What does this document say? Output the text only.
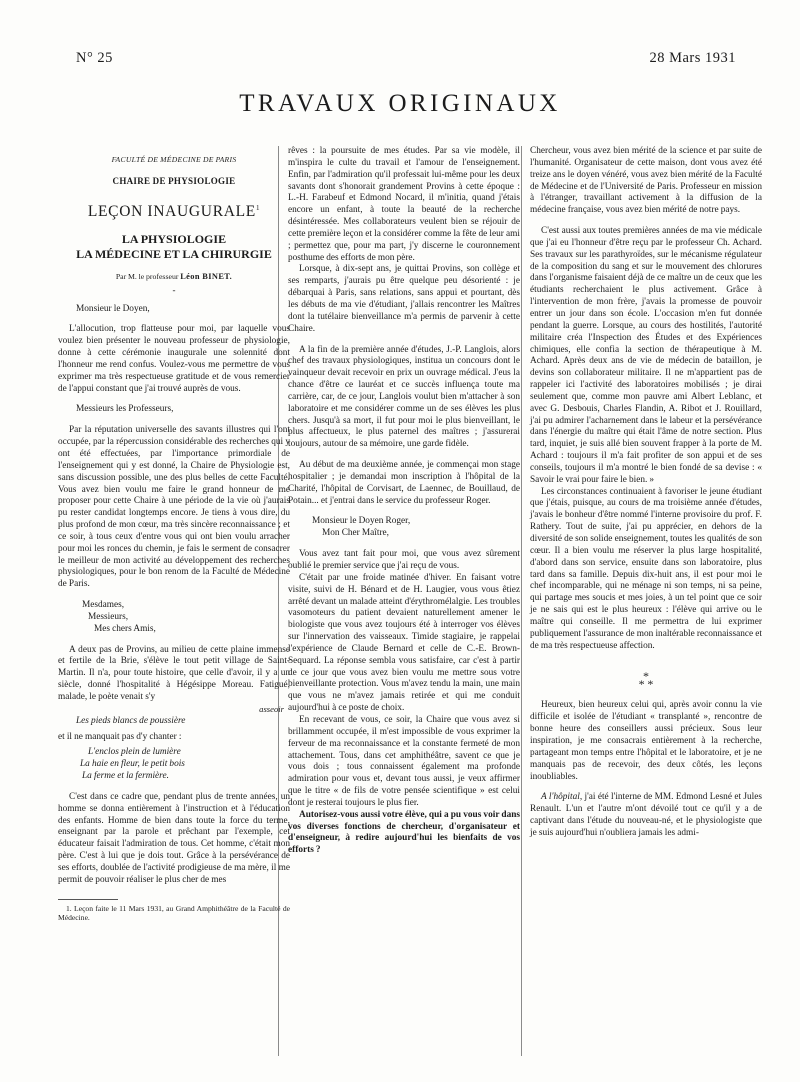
N° 25	28 Mars 1931
TRAVAUX ORIGINAUX
FACULTÉ DE MÉDECINE DE PARIS
CHAIRE DE PHYSIOLOGIE
LEÇON INAUGURALE$^1$
LA PHYSIOLOGIE
LA MÉDECINE ET LA CHIRURGIE
Par M. le professeur Léon BINET.
‐

Monsieur le Doyen,

L'allocution, trop flatteuse pour moi, par laquelle vous voulez bien présenter le nouveau professeur de physiologie, donne à cette cérémonie inaugurale une solennité dont l'honneur me rend confus. Voulez-vous me permettre de vous exprimer ma très respectueuse gratitude et de vous remercier de l'appui constant que j'ai trouvé auprès de vous.

Messieurs les Professeurs,

Par la réputation universelle des savants illustres qui l'ont occupée, par la répercussion considérable des recherches qui y ont été effectuées, par l'importance primordiale de l'enseignement qui y est donné, la Chaire de Physiologie est, sans discussion possible, une des plus belles de cette Faculté. Vous avez bien voulu me faire le grand honneur de me proposer pour cette Chaire à une période de la vie où j'aurais pu rester candidat longtemps encore. Je tiens à vous dire, du plus profond de mon cœur, ma très sincère reconnaissance ; et ce soir, à tous ceux d'entre vous qui ont bien voulu arracher pour moi les ronces du chemin, je fais le serment de consacrer le meilleur de mon activité au développement des recherches physiologiques, pour le bon renom de la Faculté de Médecine de Paris.

Mesdames,

Messieurs,

Mes chers Amis,

A deux pas de Provins, au milieu de cette plaine immense et fertile de la Brie, s'élève le tout petit village de Saint-Martin. Il n'a, pour toute histoire, que celle d'avoir, il y a un siècle, donné l'hospitalité à Hégésippe Moreau. Fatigué, malade, le poète venait s'y

asseoir

Les pieds blancs de poussière

et il ne manquait pas d'y chanter :

L'enclos plein de lumière

La haie en fleur, le petit bois

La ferme et la fermière.

C'est dans ce cadre que, pendant plus de trente années, un homme se donna entièrement à l'instruction et à l'éducation des enfants. Homme de bien dans toute la force du terme, enseignant par la parole et prêchant par l'exemple, cet éducateur faisait l'admiration de tous. Cet homme, c'était mon père. C'est à lui que je dois tout. Grâce à la persévérance de ses efforts, doublée de l'activité prodigieuse de ma mère, il me permit de pouvoir réaliser le plus cher de mes

1. Leçon faite le 11 Mars 1931, au Grand Amphithéâtre de la Faculté de Médecine.

rêves : la poursuite de mes études. Par sa vie modèle, il m'inspira le culte du travail et l'amour de l'enseignement. Enfin, par l'admiration qu'il professait lui-même pour les deux savants dont s'honorait grandement Provins à cette époque : L.-H. Farabeuf et Edmond Nocard, il m'initia, quand j'étais encore un enfant, à toute la beauté de la recherche désintéressée. Mes collaborateurs veulent bien se réjouir de cette première leçon et la considérer comme la fête de leur ami ; permettez que, pour ma part, j'y discerne le couronnement posthume des efforts de mon père.

Lorsque, à dix-sept ans, je quittai Provins, son collège et ses remparts, j'aurais pu être quelque peu désorienté : je débarquai à Paris, sans relations, sans appui et pourtant, dès les débuts de ma vie d'étudiant, j'allais rencontrer les Maîtres dont la tutélaire bienveillance m'a permis de parvenir à cette Chaire.

A la fin de la première année d'études, J.-P. Langlois, alors chef des travaux physiologiques, institua un concours dont le vainqueur devait recevoir en prix un ouvrage médical. J'eus la chance d'être ce lauréat et ce succès influença toute ma carrière, car, de ce jour, Langlois voulut bien m'attacher à son laboratoire et me considérer comme un de ses élèves les plus chers. Jusqu'à sa mort, il fut pour moi le plus bienveillant, le plus affectueux, le plus paternel des maîtres ; j'assurerai toujours, autour de sa mémoire, une garde fidèle.

Au début de ma deuxième année, je commençai mon stage hospitalier ; je demandai mon inscription à l'hôpital de la Charité, l'hôpital de Corvisart, de Laennec, de Bouillaud, de Potain... et j'entrai dans le service du professeur Roger.

Monsieur le Doyen Roger,

Mon Cher Maître,

Vous avez tant fait pour moi, que vous avez sûrement oublié le premier service que j'ai reçu de vous.

C'était par une froide matinée d'hiver. En faisant votre visite, suivi de H. Bénard et de H. Laugier, vous vous êtiez arrêté devant un malade atteint d'érythromélalgie. Les troubles vasomoteurs du patient devaient naturellement amener le biologiste que vous avez toujours été à interroger vos élèves sur l'innervation des vaisseaux. Timide stagiaire, je rappelai l'expérience de Claude Bernard et celle de C.-E. Brown-Sequard. La réponse sembla vous satisfaire, car c'est à partir de ce jour que vous avez bien voulu me mettre sous votre bienveillante protection. Vous m'avez tendu la main, une main que vous ne m'avez jamais retirée et qui me conduit aujourd'hui à ce poste de choix.

En recevant de vous, ce soir, la Chaire que vous avez si brillamment occupée, il m'est impossible de vous exprimer la ferveur de ma reconnaissance et la constante fermeté de mon attachement. Tous, dans cet amphithéâtre, savent ce que je vous dois ; tous connaissent également ma profonde admiration pour vous et, devant tous aussi, je veux affirmer que le titre « de fils de votre pensée scientifique » est celui dont je resterai toujours le plus fier.

Autorisez-vous aussi votre élève, qui a pu vous voir dans vos diverses fonctions de chercheur, d'organisateur et d'enseigneur, à redire aujourd'hui les bienfaits de vos efforts ?

Chercheur, vous avez bien mérité de la science et par suite de l'humanité. Organisateur de cette maison, dont vous avez été treize ans le doyen vénéré, vous avez bien mérité de la Faculté de Médecine et de l'Université de Paris. Professeur en mission à l'étranger, travaillant activement à la diffusion de la médecine française, vous avez bien mérité de notre pays.

C'est aussi aux toutes premières années de ma vie médicale que j'ai eu l'honneur d'être reçu par le professeur Ch. Achard. Ses travaux sur les parathyroïdes, sur le mécanisme régulateur de la composition du sang et sur le mouvement des chlorures dans l'organisme faisaient déjà de ce maître un de ceux que les étudiants recherchaient le plus activement. Grâce à l'intervention de mon frère, j'avais la promesse de pouvoir entrer un jour dans son école. L'occasion m'en fut donnée pendant la guerre. Lorsque, au cours des hostilités, l'autorité militaire créa l'Inspection des Études et des Expériences chimiques, elle confia la section de thérapeutique à M. Achard. Après deux ans de vie de médecin de bataillon, je devins son collaborateur militaire. Il ne m'appartient pas de rappeler ici l'activité des laboratoires mobilisés ; je dirai seulement que, comme mon pauvre ami Albert Leblanc, et avec G. Desbouis, Charles Flandin, A. Ribot et J. Rouillard, j'ai pu admirer l'acharnement dans le labeur et la persévérance dans l'énergie du maître qui était l'âme de notre section. Plus tard, inquiet, je suis allé bien souvent frapper à la porte de M. Achard : toujours il m'a fait profiter de son appui et de ses conseils, toujours il m'a montré le bien fondé de sa devise : « Savoir le vrai pour faire le bien. »

Les circonstances continuaient à favoriser le jeune étudiant que j'étais, puisque, au cours de ma troisième année d'études, j'avais le bonheur d'être nommé l'interne provisoire du prof. F. Rathery. Tout de suite, j'ai pu apprécier, en dehors de la diversité de son solide enseignement, toutes les qualités de son cœur. Il a bien voulu me réserver la plus large hospitalité, d'abord dans son service, ensuite dans son laboratoire, plus tard dans sa famille. Depuis dix-huit ans, il est pour moi le chef incomparable, qui ne ménage ni son temps, ni sa peine, qui partage mes soucis et mes joies, à un tel point que ce soir je ne sais qui est le plus heureux : l'élève qui arrive ou le maître qui conseille. Il me permettra de lui exprimer publiquement l'assurance de mon inaltérable reconnaissance et de ma très respectueuse affection.

*
* *

Heureux, bien heureux celui qui, après avoir connu la vie difficile et isolée de l'étudiant « transplanté », rencontre de bonne heure des conseillers aussi précieux. Sous leur inspiration, je me consacrais entièrement à la recherche, partageant mon temps entre l'hôpital et le laboratoire, et je ne manquais pas de recevoir, des deux côtés, les leçons inoubliables.

A l'hôpital, j'ai été l'interne de MM. Edmond Lesné et Jules Renault. L'un et l'autre m'ont dévoilé tout ce qu'il y a de captivant dans l'étude du nouveau-né, et le physiologiste que je suis aujourd'hui n'oubliera jamais les admi-
